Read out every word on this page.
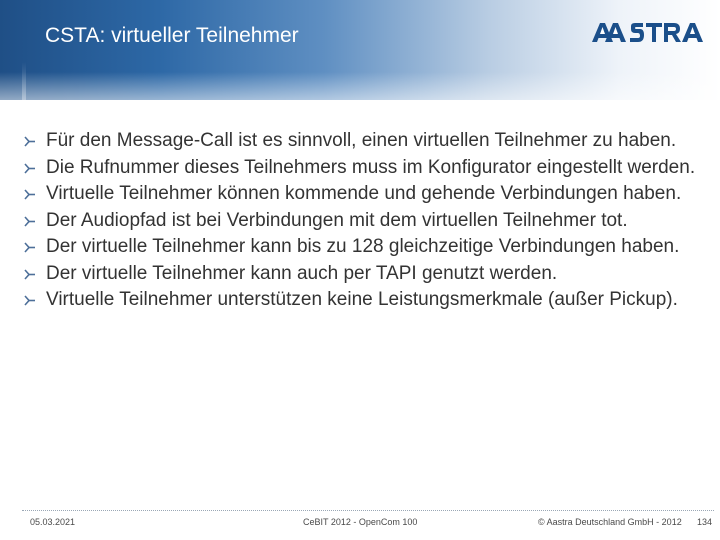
CSTA: virtueller Teilnehmer
Für den Message-Call ist es sinnvoll, einen virtuellen Teilnehmer zu haben.
Die Rufnummer dieses Teilnehmers muss im Konfigurator eingestellt werden.
Virtuelle Teilnehmer können kommende und gehende Verbindungen haben.
Der Audiopfad ist bei Verbindungen mit dem virtuellen Teilnehmer tot.
Der virtuelle Teilnehmer kann bis zu 128 gleichzeitige Verbindungen haben.
Der virtuelle Teilnehmer kann auch per TAPI genutzt werden.
Virtuelle Teilnehmer unterstützen keine Leistungsmerkmale (außer Pickup).
05.03.2021	CeBIT 2012 - OpenCom 100	© Aastra Deutschland GmbH - 2012 134
